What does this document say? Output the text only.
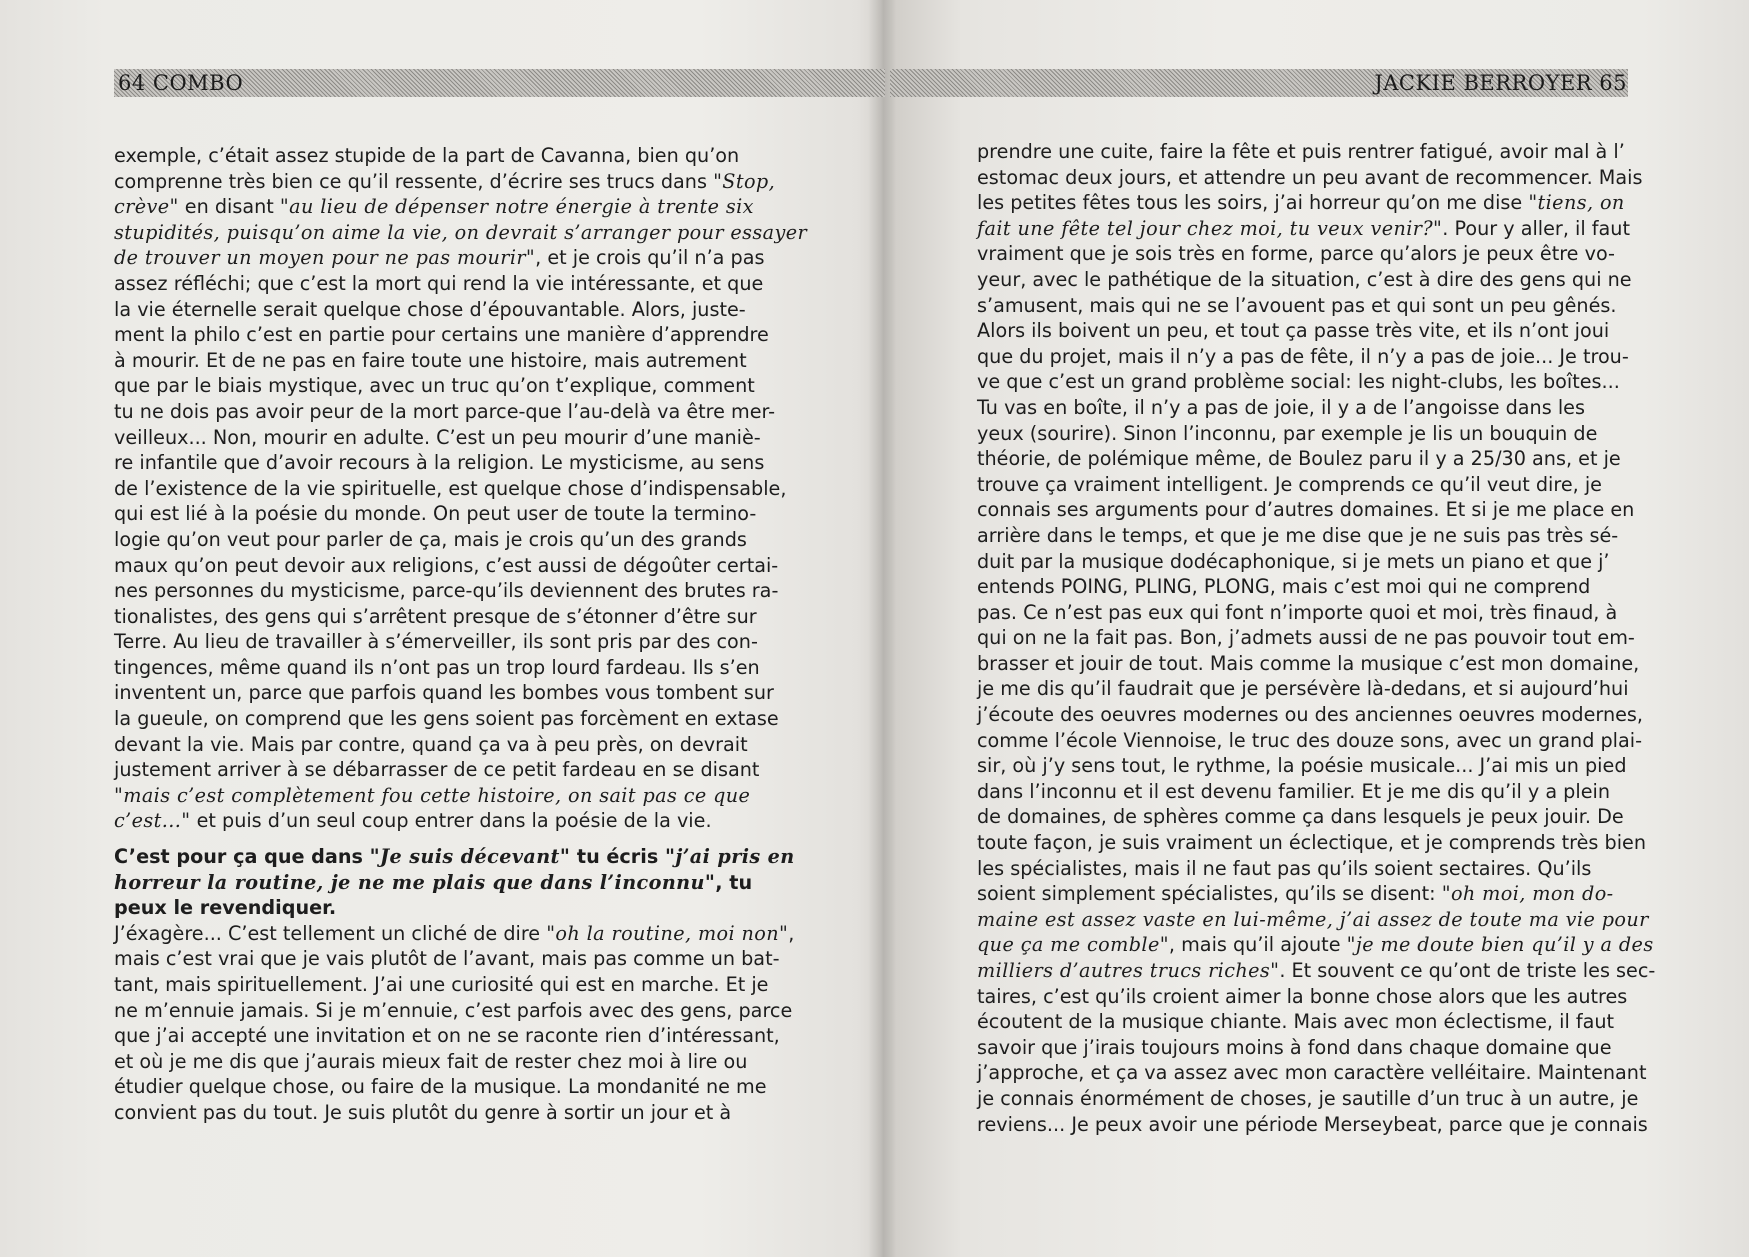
64 COMBO
exemple, c’était assez stupide de la part de Cavanna, bien qu’on
comprenne très bien ce qu’il ressente, d’écrire ses trucs dans "Stop,
crève" en disant "au lieu de dépenser notre énergie à trente six
stupidités, puisqu’on aime la vie, on devrait s’arranger pour essayer
de trouver un moyen pour ne pas mourir", et je crois qu’il n’a pas
assez réfléchi; que c’est la mort qui rend la vie intéressante, et que
la vie éternelle serait quelque chose d’épouvantable. Alors, juste-
ment la philo c’est en partie pour certains une manière d’apprendre
à mourir. Et de ne pas en faire toute une histoire, mais autrement
que par le biais mystique, avec un truc qu’on t’explique, comment
tu ne dois pas avoir peur de la mort parce-que l’au-delà va être mer-
veilleux... Non, mourir en adulte. C’est un peu mourir d’une maniè-
re infantile que d’avoir recours à la religion. Le mysticisme, au sens
de l’existence de la vie spirituelle, est quelque chose d’indispensable,
qui est lié à la poésie du monde. On peut user de toute la termino-
logie qu’on veut pour parler de ça, mais je crois qu’un des grands
maux qu’on peut devoir aux religions, c’est aussi de dégoûter certai-
nes personnes du mysticisme, parce-qu’ils deviennent des brutes ra-
tionalistes, des gens qui s’arrêtent presque de s’étonner d’être sur
Terre. Au lieu de travailler à s’émerveiller, ils sont pris par des con-
tingences, même quand ils n’ont pas un trop lourd fardeau. Ils s’en
inventent un, parce que parfois quand les bombes vous tombent sur
la gueule, on comprend que les gens soient pas forcèment en extase
devant la vie. Mais par contre, quand ça va à peu près, on devrait
justement arriver à se débarrasser de ce petit fardeau en se disant
"mais c’est complètement fou cette histoire, on sait pas ce que
c’est..." et puis d’un seul coup entrer dans la poésie de la vie.
C’est pour ça que dans "Je suis décevant" tu écris "j’ai pris en
horreur la routine, je ne me plais que dans l’inconnu", tu
peux le revendiquer.
J’éxagère... C’est tellement un cliché de dire "oh la routine, moi non",
mais c’est vrai que je vais plutôt de l’avant, mais pas comme un bat-
tant, mais spirituellement. J’ai une curiosité qui est en marche. Et je
ne m’ennuie jamais. Si je m’ennuie, c’est parfois avec des gens, parce
que j’ai accepté une invitation et on ne se raconte rien d’intéressant,
et où je me dis que j’aurais mieux fait de rester chez moi à lire ou
étudier quelque chose, ou faire de la musique. La mondanité ne me
convient pas du tout. Je suis plutôt du genre à sortir un jour et à
JACKIE BERROYER 65
prendre une cuite, faire la fête et puis rentrer fatigué, avoir mal à l’
estomac deux jours, et attendre un peu avant de recommencer. Mais
les petites fêtes tous les soirs, j’ai horreur qu’on me dise "tiens, on
fait une fête tel jour chez moi, tu veux venir?". Pour y aller, il faut
vraiment que je sois très en forme, parce qu’alors je peux être vo-
yeur, avec le pathétique de la situation, c’est à dire des gens qui ne
s’amusent, mais qui ne se l’avouent pas et qui sont un peu gênés.
Alors ils boivent un peu, et tout ça passe très vite, et ils n’ont joui
que du projet, mais il n’y a pas de fête, il n’y a pas de joie... Je trou-
ve que c’est un grand problème social: les night-clubs, les boîtes...
Tu vas en boîte, il n’y a pas de joie, il y a de l’angoisse dans les
yeux (sourire). Sinon l’inconnu, par exemple je lis un bouquin de
théorie, de polémique même, de Boulez paru il y a 25/30 ans, et je
trouve ça vraiment intelligent. Je comprends ce qu’il veut dire, je
connais ses arguments pour d’autres domaines. Et si je me place en
arrière dans le temps, et que je me dise que je ne suis pas très sé-
duit par la musique dodécaphonique, si je mets un piano et que j’
entends POING, PLING, PLONG, mais c’est moi qui ne comprend
pas. Ce n’est pas eux qui font n’importe quoi et moi, très finaud, à
qui on ne la fait pas. Bon, j’admets aussi de ne pas pouvoir tout em-
brasser et jouir de tout. Mais comme la musique c’est mon domaine,
je me dis qu’il faudrait que je persévère là-dedans, et si aujourd’hui
j’écoute des oeuvres modernes ou des anciennes oeuvres modernes,
comme l’école Viennoise, le truc des douze sons, avec un grand plai-
sir, où j’y sens tout, le rythme, la poésie musicale... J’ai mis un pied
dans l’inconnu et il est devenu familier. Et je me dis qu’il y a plein
de domaines, de sphères comme ça dans lesquels je peux jouir. De
toute façon, je suis vraiment un éclectique, et je comprends très bien
les spécialistes, mais il ne faut pas qu’ils soient sectaires. Qu’ils
soient simplement spécialistes, qu’ils se disent: "oh moi, mon do-
maine est assez vaste en lui-même, j’ai assez de toute ma vie pour
que ça me comble", mais qu’il ajoute "je me doute bien qu’il y a des
milliers d’autres trucs riches". Et souvent ce qu’ont de triste les sec-
taires, c’est qu’ils croient aimer la bonne chose alors que les autres
écoutent de la musique chiante. Mais avec mon éclectisme, il faut
savoir que j’irais toujours moins à fond dans chaque domaine que
j’approche, et ça va assez avec mon caractère velléitaire. Maintenant
je connais énormément de choses, je sautille d’un truc à un autre, je
reviens... Je peux avoir une période Merseybeat, parce que je connais
